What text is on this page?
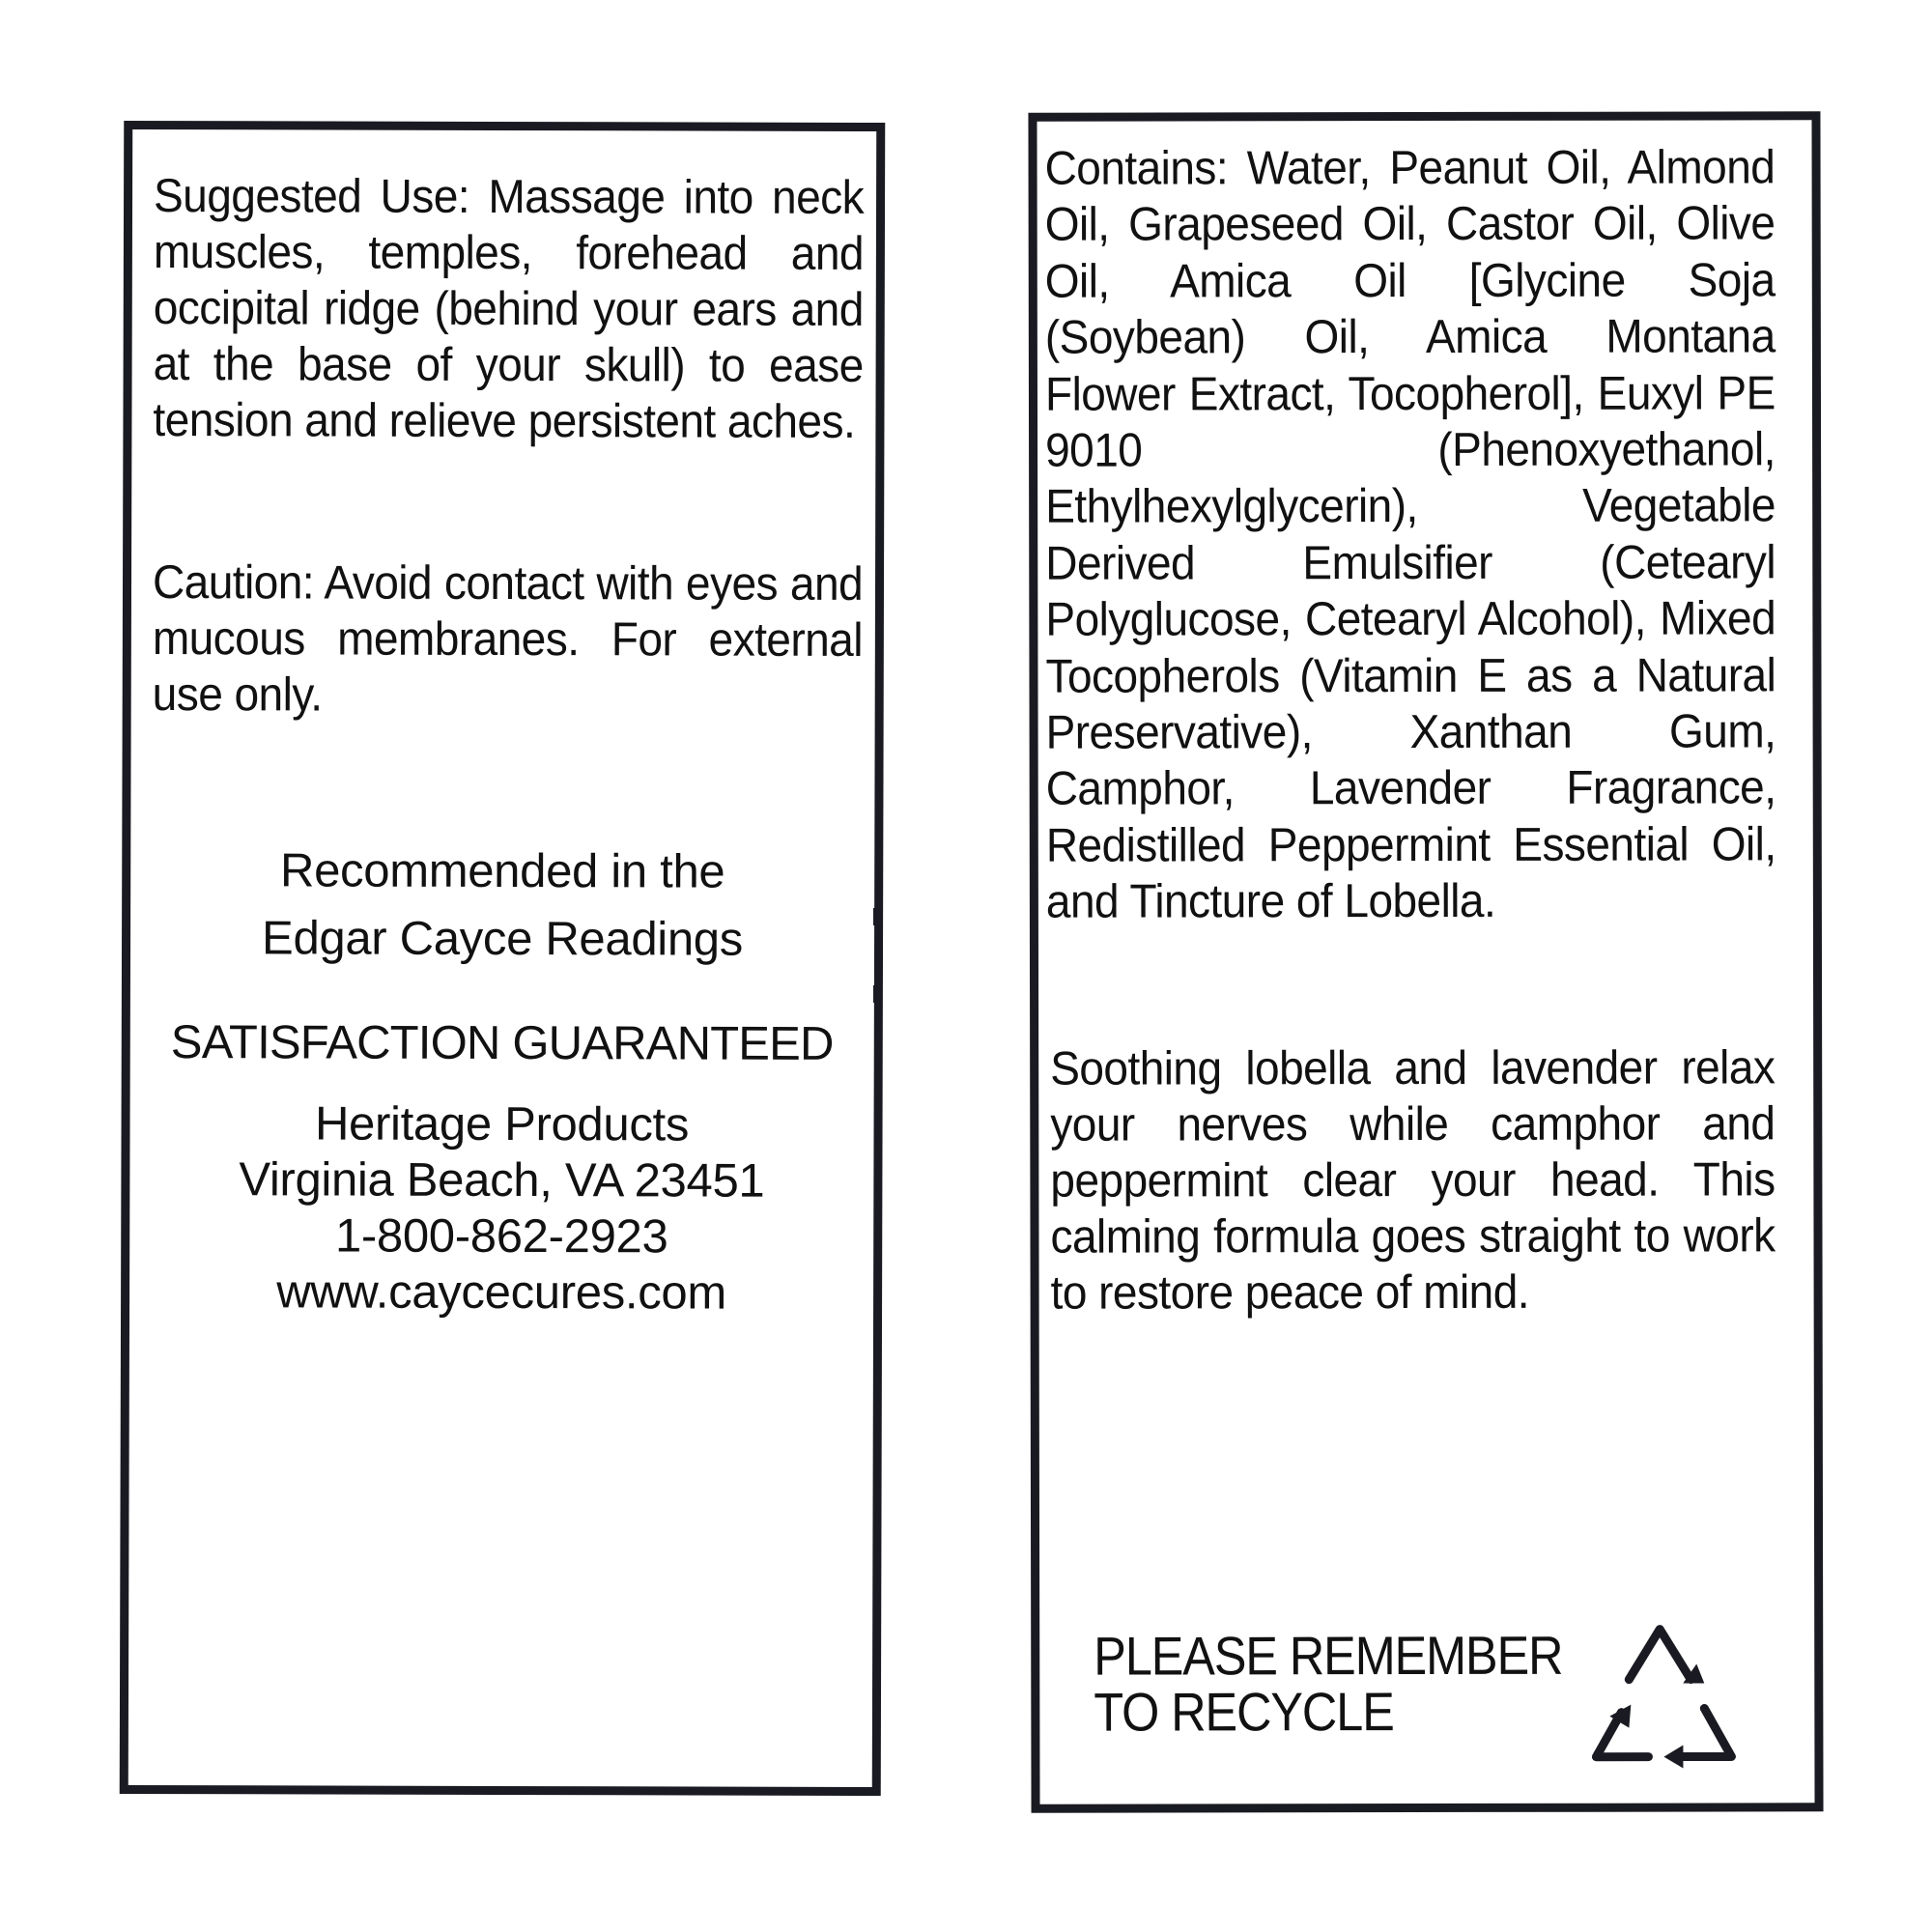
Suggested Use: Massage into neck muscles, temples, forehead and occipital ridge (behind your ears and at the base of your skull) to ease tension and relieve persistent aches.

Caution: Avoid contact with eyes and mucous membranes. For external use only.

Recommended in the
Edgar Cayce Readings

SATISFACTION GUARANTEED

Heritage Products
Virginia Beach, VA 23451
1-800-862-2923
www.caycecures.com

Contains: Water, Peanut Oil, Almond Oil, Grapeseed Oil, Castor Oil, Olive Oil, Amica Oil [Glycine Soja (Soybean) Oil, Amica Montana Flower Extract, Tocopherol], Euxyl PE 9010 (Phenoxyethanol, Ethylhexylglycerin), Vegetable Derived Emulsifier (Cetearyl Polyglucose, Cetearyl Alcohol), Mixed Tocopherols (Vitamin E as a Natural Preservative), Xanthan Gum, Camphor, Lavender Fragrance, Redistilled Peppermint Essential Oil, and Tincture of Lobella.

Soothing lobella and lavender relax your nerves while camphor and peppermint clear your head. This calming formula goes straight to work to restore peace of mind.

PLEASE REMEMBER
TO RECYCLE
